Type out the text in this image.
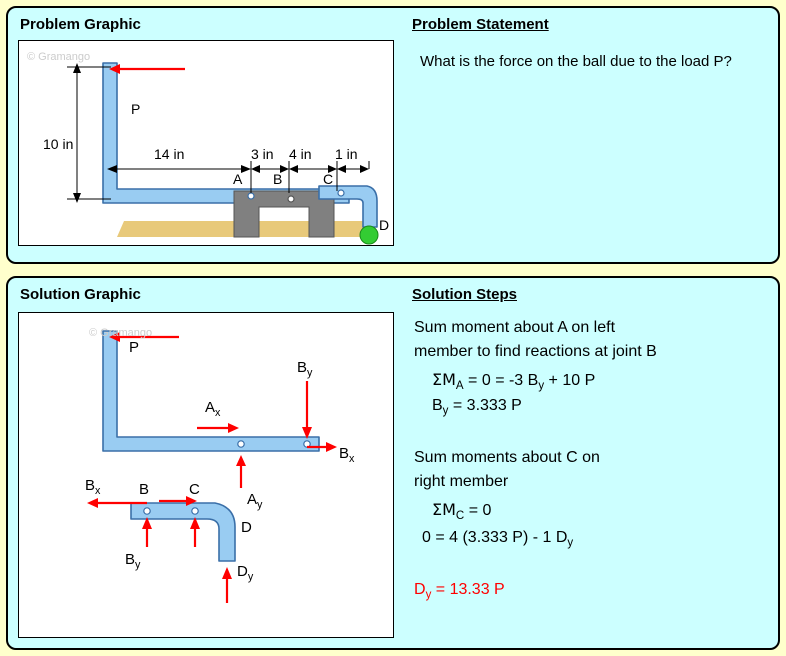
Problem Graphic	Problem Statement
What is the force on the ball due to the load P?
© Gramango
P
10 in
14 in	3 in 4 in 1 in
A B	C
D
Solution Graphic	Solution Steps
Sum moment about A on left
member to find reactions at joint B
$\Sigma M_A = 0 = -3$ $B_y + 10$ P
$B_y = 3.333$ P
Sum moments about C on
right member
$\Sigma M_C = 0$
0 = 4 (3.333 P) - 1 $D_y$
$D_y = 13.33$ P
© Gramango
P
$A_x$
$A_y$
$B_y$
$B_x$
$B_x$
$B_y$
B	C
D
$D_y$
